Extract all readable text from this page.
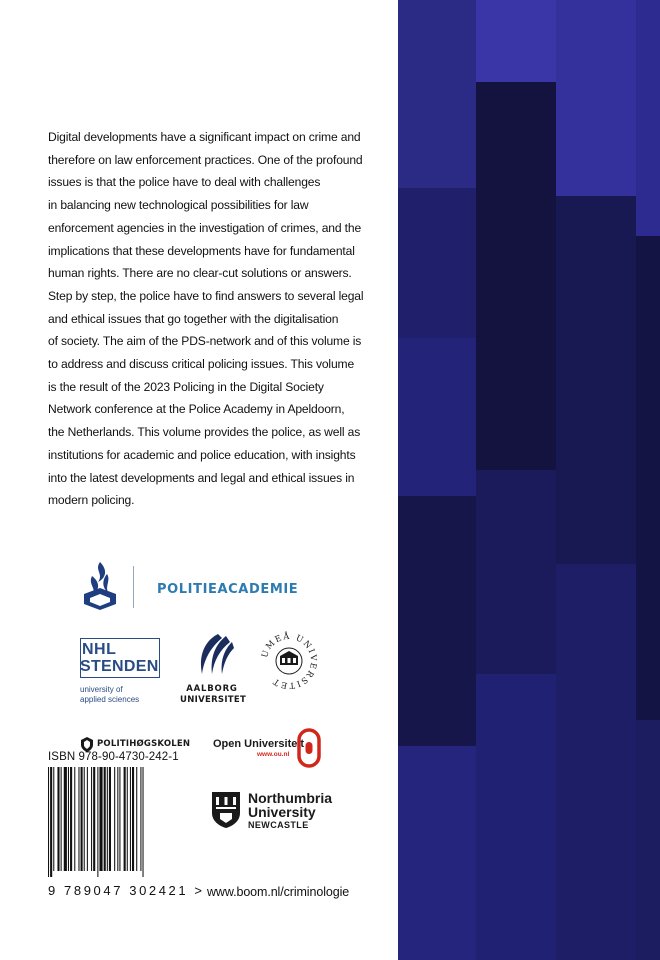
Digital developments have a significant impact on crime and
therefore on law enforcement practices. One of the profound
issues is that the police have to deal with challenges
in balancing new technological possibilities for law
enforcement agencies in the investigation of crimes, and the
implications that these developments have for fundamental
human rights. There are no clear-cut solutions or answers.
Step by step, the police have to find answers to several legal
and ethical issues that go together with the digitalisation
of society. The aim of the PDS-network and of this volume is
to address and discuss critical policing issues. This volume
is the result of the 2023 Policing in the Digital Society
Network conference at the Police Academy in Apeldoorn,
the Netherlands. This volume provides the police, as well as
institutions for academic and police education, with insights
into the latest developments and legal and ethical issues in
modern policing.
POLITIEACADEMIE
NHL
STENDEN
university of
applied sciences
AALBORG
UNIVERSITET
UMEÅ UNIVERSITET
POLITIHØGSKOLEN Open Universiteit
www.ou.nl
ISBN 978-90-4730-242-1
9 789047 302421 >
Northumbria
University
NEWCASTLE
www.boom.nl/criminologie
